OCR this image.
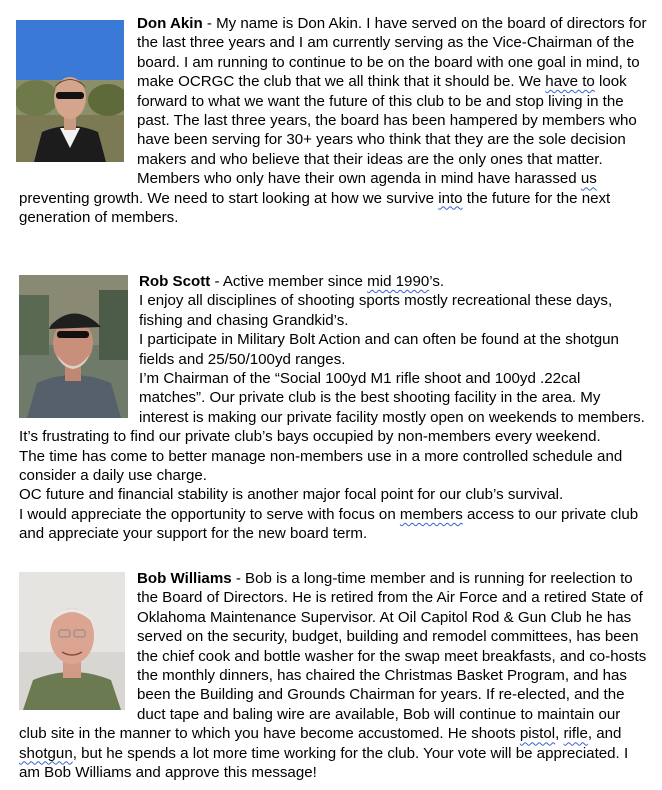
Don Akin - My name is Don Akin. I have served on the board of directors for the last three years and I am currently serving as the Vice-Chairman of the board. I am running to continue to be on the board with one goal in mind, to make OCRGC the club that we all think that it should be. We have to look forward to what we want the future of this club to be and stop living in the past. The last three years, the board has been hampered by members who have been serving for 30+ years who think that they are the sole decision makers and who believe that their ideas are the only ones that matter. Members who only have their own agenda in mind have harassed us preventing growth. We need to start looking at how we survive into the future for the next generation of members.
Rob Scott - Active member since mid 1990’s.
I enjoy all disciplines of shooting sports mostly recreational these days, fishing and chasing Grandkid’s.
I participate in Military Bolt Action and can often be found at the shotgun fields and 25/50/100yd ranges.
I’m Chairman of the “Social 100yd M1 rifle shoot and 100yd .22cal matches”. Our private club is the best shooting facility in the area. My interest is making our private facility mostly open on weekends to members.
It’s frustrating to find our private club’s bays occupied by non-members every weekend.
The time has come to better manage non-members use in a more controlled schedule and consider a daily use charge.
OC future and financial stability is another major focal point for our club’s survival.
I would appreciate the opportunity to serve with focus on members access to our private club and appreciate your support for the new board term.
Bob Williams - Bob is a long-time member and is running for reelection to the Board of Directors. He is retired from the Air Force and a retired State of Oklahoma Maintenance Supervisor. At Oil Capitol Rod & Gun Club he has served on the security, budget, building and remodel committees, has been the chief cook and bottle washer for the swap meet breakfasts, and co-hosts the monthly dinners, has chaired the Christmas Basket Program, and has been the Building and Grounds Chairman for years. If re-elected, and the duct tape and baling wire are available, Bob will continue to maintain our club site in the manner to which you have become accustomed. He shoots pistol, rifle, and shotgun, but he spends a lot more time working for the club. Your vote will be appreciated. I am Bob Williams and approve this message!
